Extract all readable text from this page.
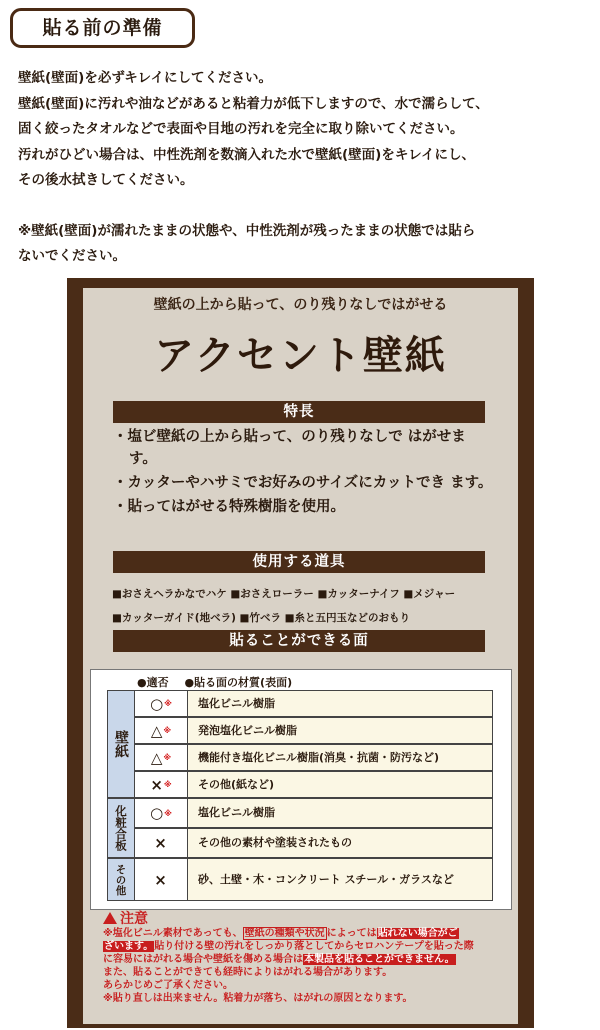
貼る前の準備

壁紙(壁面)を必ずキレイにしてください。

壁紙(壁面)に汚れや油などがあると粘着力が低下しますので、水で濡らして、

固く絞ったタオルなどで表面や目地の汚れを完全に取り除いてください。

汚れがひどい場合は、中性洗剤を数滴入れた水で壁紙(壁面)をキレイにし、

その後水拭きしてください。

※壁紙(壁面)が濡れたままの状態や、中性洗剤が残ったままの状態では貼ら

ないでください。

壁紙の上から貼って、のり残りなしではがせる
アクセント壁紙
特長
・塩ビ壁紙の上から貼って、のり残りなしで はがせます。
・カッターやハサミでお好みのサイズにカットでき ます。
・貼ってはがせる特殊樹脂を使用。
使用する道具
■おさえヘラかなでハケ ■おさえローラー ■カッターナイフ ■メジャー
■カッターガイド(地ベラ) ■竹ベラ ■糸と五円玉などのおもり
貼ることができる面
●適否 ●貼る面の材質(表面)
壁紙
○ ※	塩化ビニル樹脂
△ ※	発泡塩化ビニル樹脂
△ ※	機能付き塩化ビニル樹脂(消臭・抗菌・防汚など)
× ※	その他(紙など)
化粧合板	○ ※	塩化ビニル樹脂
×	その他の素材や塗装されたもの
その他	×	砂、土壁・木・コンクリート スチール・ガラスなど
注意
※塩化ビニル素材であっても、 壁紙の種類や状況 によっては貼れない場合がご
ざいます。貼り付ける壁の汚れをしっかり落としてからセロハンテープを貼った際
に容易にはがれる場合や壁紙を傷める場合は本製品を貼ることができません。
また、貼ることができても経時によりはがれる場合があります。
あらかじめご了承ください。
※貼り直しは出来ません。粘着力が落ち、はがれの原因となります。
